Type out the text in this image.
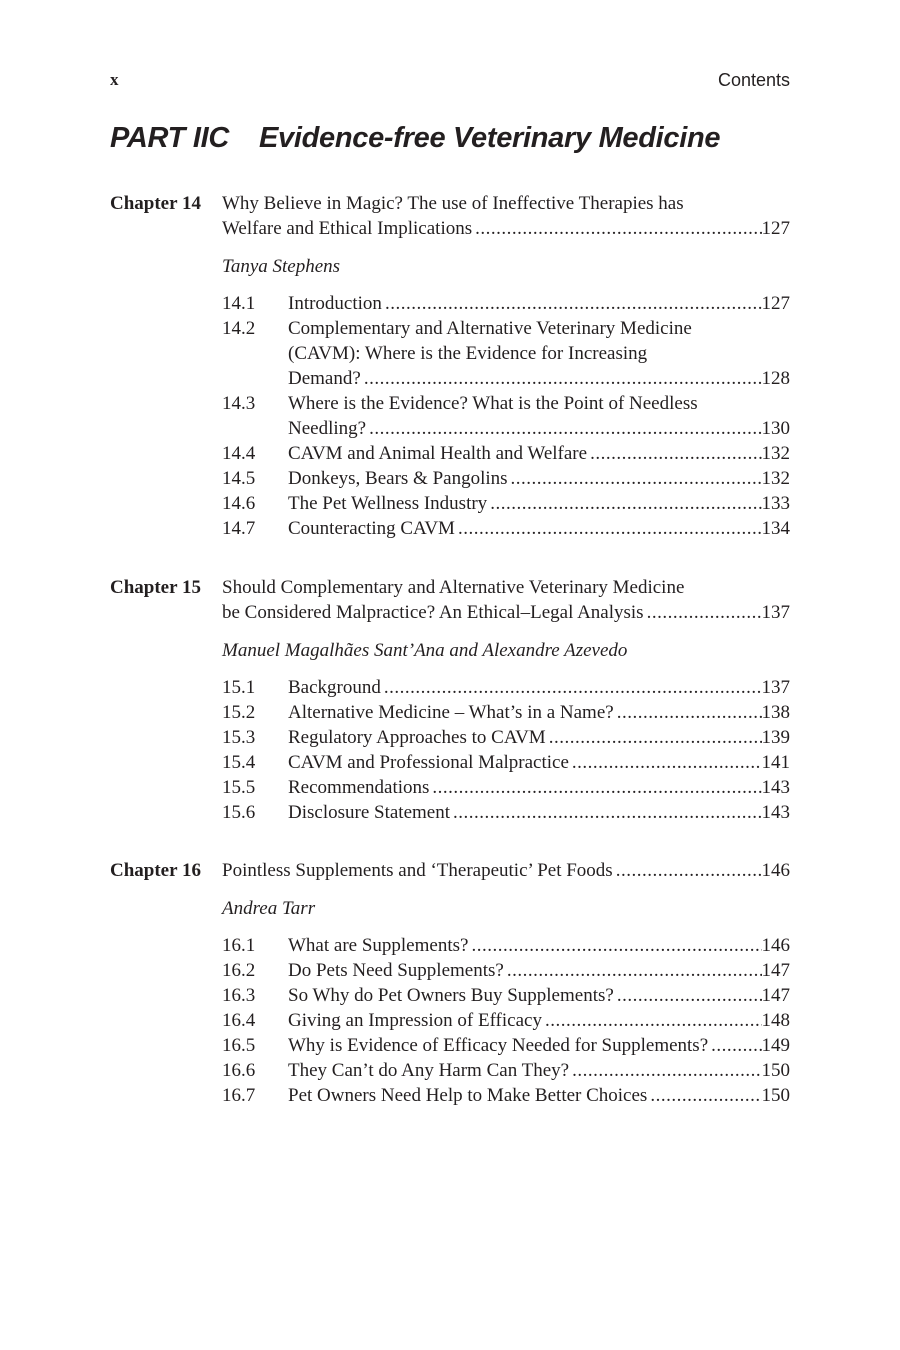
x	Contents
PART IIC Evidence-free Veterinary Medicine
Chapter 14 Why Believe in Magic? The use of Ineffective Therapies has
Welfare and Ethical Implications .....	127
Tanya Stephens
14.1	Introduction .....	127
14.2	Complementary and Alternative Veterinary Medicine
(CAVM): Where is the Evidence for Increasing
Demand? .....	128
14.3	Where is the Evidence? What is the Point of Needless
Needling? .....	130
14.4	CAVM and Animal Health and Welfare .....	132
14.5	Donkeys, Bears & Pangolins .....	132
14.6	The Pet Wellness Industry .....	133
14.7	Counteracting CAVM .....	134
Chapter 15 Should Complementary and Alternative Veterinary Medicine
be Considered Malpractice? An Ethical–Legal Analysis .....	137
Manuel Magalhães Sant’Ana and Alexandre Azevedo
15.1	Background .....	137
15.2	Alternative Medicine – What’s in a Name? .....	138
15.3	Regulatory Approaches to CAVM .....	139
15.4	CAVM and Professional Malpractice .....	141
15.5	Recommendations .....	143
15.6	Disclosure Statement .....	143
Chapter 16 Pointless Supplements and ‘Therapeutic’ Pet Foods .....	146
Andrea Tarr
16.1	What are Supplements? .....	146
16.2	Do Pets Need Supplements? .....	147
16.3	So Why do Pet Owners Buy Supplements? .....	147
16.4	Giving an Impression of Efficacy .....	148
16.5	Why is Evidence of Efficacy Needed for Supplements? .....	149
16.6	They Can’t do Any Harm Can They? .....	150
16.7	Pet Owners Need Help to Make Better Choices .....	150
